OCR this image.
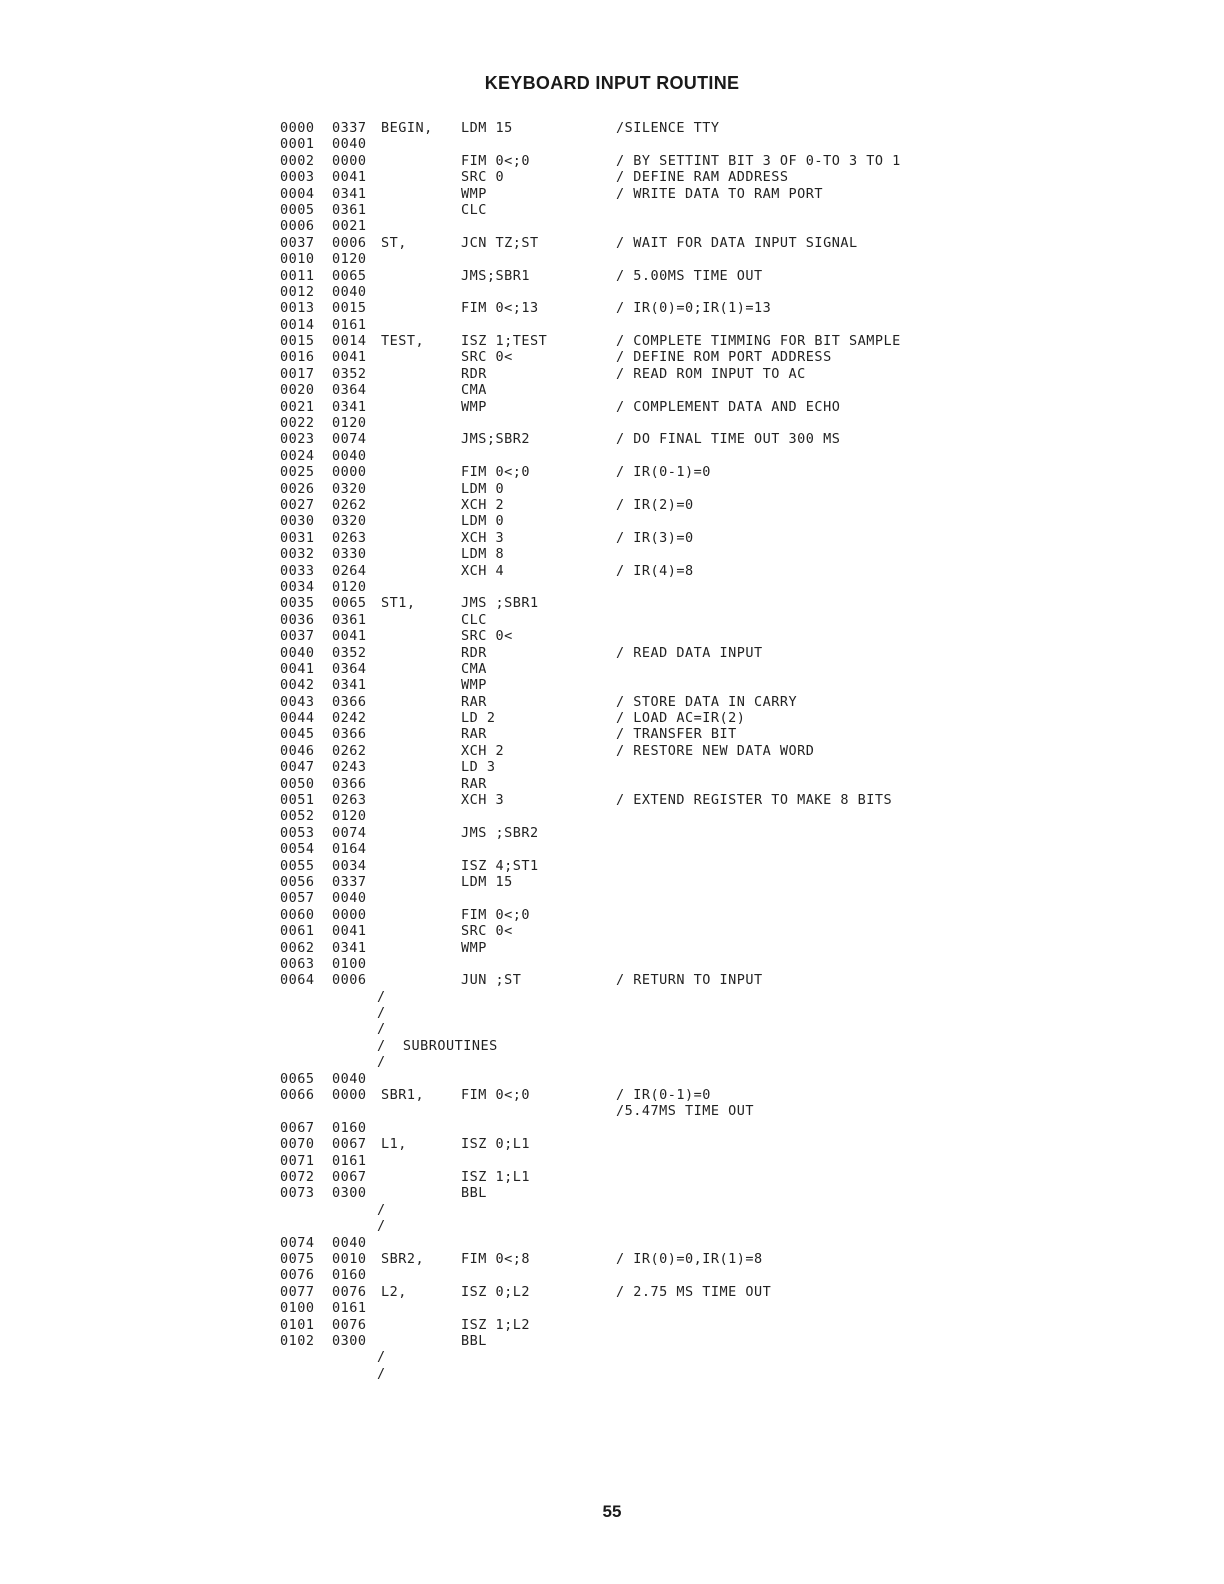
KEYBOARD INPUT ROUTINE
0000 0337 BEGIN, LDM 15	/SILENCE TTY
0001 0040
0002 0000	FIM 0<;0	/ BY SETTINT BIT 3 OF 0-TO 3 TO 1
0003 0041	SRC 0	/ DEFINE RAM ADDRESS
0004 0341	WMP	/ WRITE DATA TO RAM PORT
0005 0361	CLC
0006 0021
0037 0006 ST,	JCN TZ;ST	/ WAIT FOR DATA INPUT SIGNAL
0010 0120
0011 0065	JMS;SBR1	/ 5.00MS TIME OUT
0012 0040
0013 0015	FIM 0<;13	/ IR(0)=0;IR(1)=13
0014 0161
0015 0014 TEST,	ISZ 1;TEST	/ COMPLETE TIMMING FOR BIT SAMPLE
0016 0041	SRC 0<	/ DEFINE ROM PORT ADDRESS
0017 0352	RDR	/ READ ROM INPUT TO AC
0020 0364	CMA
0021 0341	WMP	/ COMPLEMENT DATA AND ECHO
0022 0120
0023 0074	JMS;SBR2	/ DO FINAL TIME OUT 300 MS
0024 0040
0025 0000	FIM 0<;0	/ IR(0-1)=0
0026 0320	LDM 0
0027 0262	XCH 2	/ IR(2)=0
0030 0320	LDM 0
0031 0263	XCH 3	/ IR(3)=0
0032 0330	LDM 8
0033 0264	XCH 4	/ IR(4)=8
0034 0120
0035 0065 ST1,	JMS ;SBR1
0036 0361	CLC
0037 0041	SRC 0<
0040 0352	RDR	/ READ DATA INPUT
0041 0364	CMA
0042 0341	WMP
0043 0366	RAR	/ STORE DATA IN CARRY
0044 0242	LD 2	/ LOAD AC=IR(2)
0045 0366	RAR	/ TRANSFER BIT
0046 0262	XCH 2	/ RESTORE NEW DATA WORD
0047 0243	LD 3
0050 0366	RAR
0051 0263	XCH 3	/ EXTEND REGISTER TO MAKE 8 BITS
0052 0120
0053 0074	JMS ;SBR2
0054 0164
0055 0034	ISZ 4;ST1
0056 0337	LDM 15
0057 0040
0060 0000	FIM 0<;0
0061 0041	SRC 0<
0062 0341	WMP
0063 0100
0064 0006	JUN ;ST	/ RETURN TO INPUT
/
/
/
/  SUBROUTINES
/
0065 0040
0066 0000 SBR1,	FIM 0<;0	/ IR(0-1)=0
/5.47MS TIME OUT
0067 0160
0070 0067 L1,	ISZ 0;L1
0071 0161
0072 0067	ISZ 1;L1
0073 0300	BBL
/
/
0074 0040
0075 0010 SBR2,	FIM 0<;8	/ IR(0)=0,IR(1)=8
0076 0160
0077 0076 L2,	ISZ 0;L2	/ 2.75 MS TIME OUT
0100 0161
0101 0076	ISZ 1;L2
0102 0300	BBL
/
/
55
